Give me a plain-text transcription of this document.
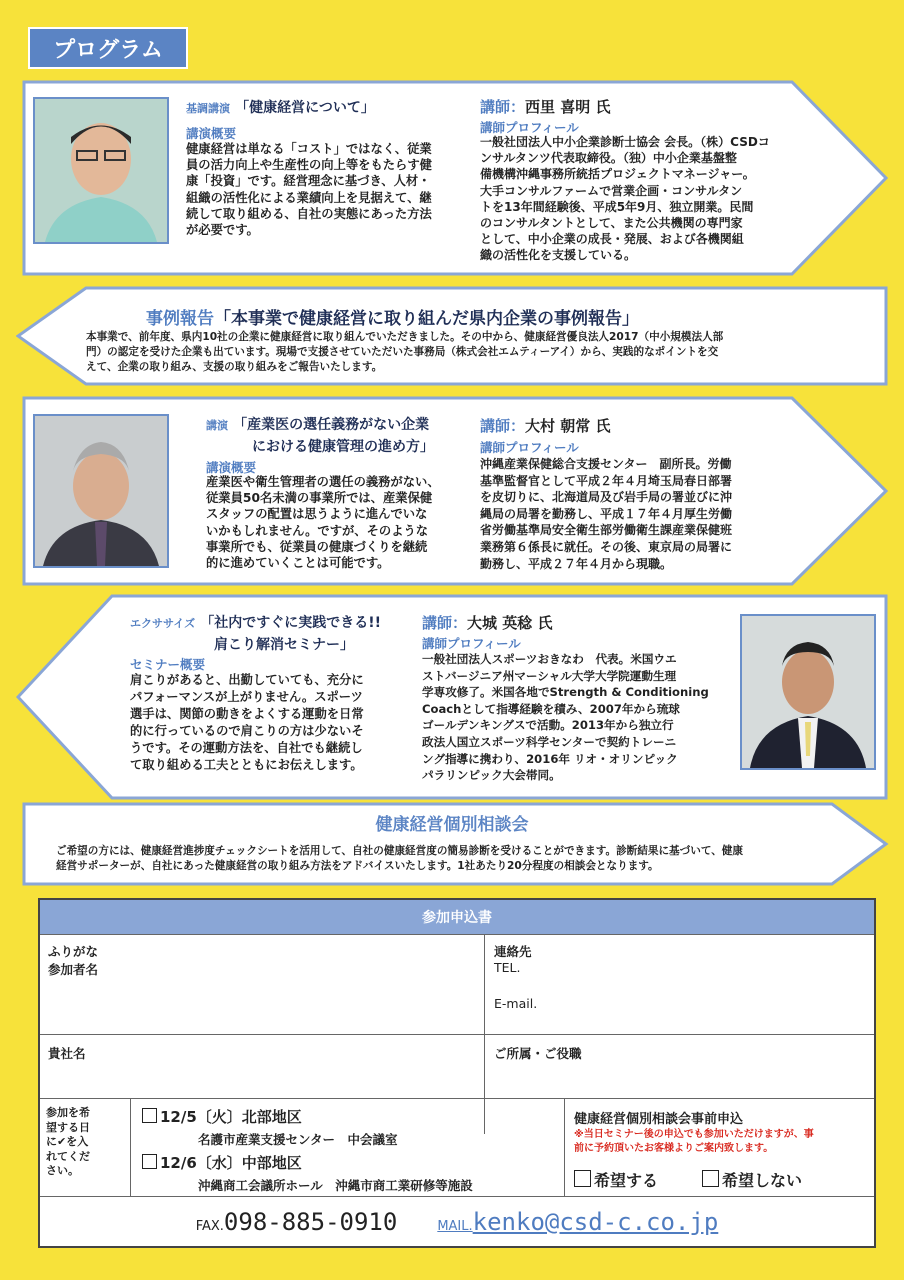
プログラム
基調講演 「健康経営について」
講演概要
健康経営は単なる「コスト」ではなく、従業
員の活力向上や生産性の向上等をもたらす健
康「投資」です。経営理念に基づき、人材・
組織の活性化による業績向上を見据えて、継
続して取り組める、自社の実態にあった方法
が必要です。
講師：西里 喜明 氏
講師プロフィール
一般社団法人中小企業診断士協会 会長。（株）CSDコ
ンサルタンツ代表取締役。（独）中小企業基盤整
備機構沖縄事務所統括プロジェクトマネージャー。
大手コンサルファームで営業企画・コンサルタン
トを13年間経験後、平成5年9月、独立開業。民間
のコンサルタントとして、また公共機関の専門家
として、中小企業の成長・発展、および各機関組
織の活性化を支援している。
事例報告「本事業で健康経営に取り組んだ県内企業の事例報告」
本事業で、前年度、県内10社の企業に健康経営に取り組んでいただきました。その中から、健康経営優良法人2017（中小規模法人部
門）の認定を受けた企業も出ています。現場で支援させていただいた事務局（株式会社エムティーアイ）から、実践的なポイントを交
えて、企業の取り組み、支援の取り組みをご報告いたします。
講演 「産業医の選任義務がない企業
における健康管理の進め方」
講演概要
産業医や衛生管理者の選任の義務がない、
従業員50名未満の事業所では、産業保健
スタッフの配置は思うように進んでいな
いかもしれません。ですが、そのような
事業所でも、従業員の健康づくりを継続
的に進めていくことは可能です。
講師：大村 朝常 氏
講師プロフィール
沖縄産業保健総合支援センター　副所長。労働
基準監督官として平成２年４月埼玉局春日部署
を皮切りに、北海道局及び岩手局の署並びに沖
縄局の局署を勤務し、平成１７年４月厚生労働
省労働基準局安全衛生部労働衛生課産業保健班
業務第６係長に就任。その後、東京局の局署に
勤務し、平成２７年４月から現職。
エクササイズ 「社内ですぐに実践できる!!
肩こり解消セミナー」
セミナー概要
肩こりがあると、出勤していても、充分に
パフォーマンスが上がりません。スポーツ
選手は、関節の動きをよくする運動を日常
的に行っているので肩こりの方は少ないそ
うです。その運動方法を、自社でも継続し
て取り組める工夫とともにお伝えします。
講師：大城 英稔 氏
講師プロフィール
一般社団法人スポーツおきなわ　代表。米国ウエ
ストバージニア州マーシャル大学大学院運動生理
学専攻修了。米国各地でStrength & Conditioning
Coachとして指導経験を積み、2007年から琉球
ゴールデンキングスで活動。2013年から独立行
政法人国立スポーツ科学センターで契約トレーニ
ング指導に携わり、2016年 リオ・オリンピック
パラリンピック大会帯同。
健康経営個別相談会
ご希望の方には、健康経営進捗度チェックシートを活用して、自社の健康経営度の簡易診断を受けることができます。診断結果に基づいて、健康
経営サポーターが、自社にあった健康経営の取り組み方法をアドバイスいたします。1社あたり20分程度の相談会となります。
参加申込書
ふりがな
参加者名
連絡先
TEL.
E-mail.
貴社名	ご所属・ご役職
参加を希
望する日
に✔を入
れてくだ
さい。
12/5〔火〕北部地区
名護市産業支援センター　中会議室
12/6〔水〕中部地区
沖縄商工会議所ホール　沖縄市商工業研修等施設
健康経営個別相談会事前申込
※当日セミナー後の申込でも参加いただけますが、事
前に予約頂いたお客様よりご案内致します。
希望する	希望しない
FAX.098-885-0910	MAIL.kenko@csd-c.co.jp
